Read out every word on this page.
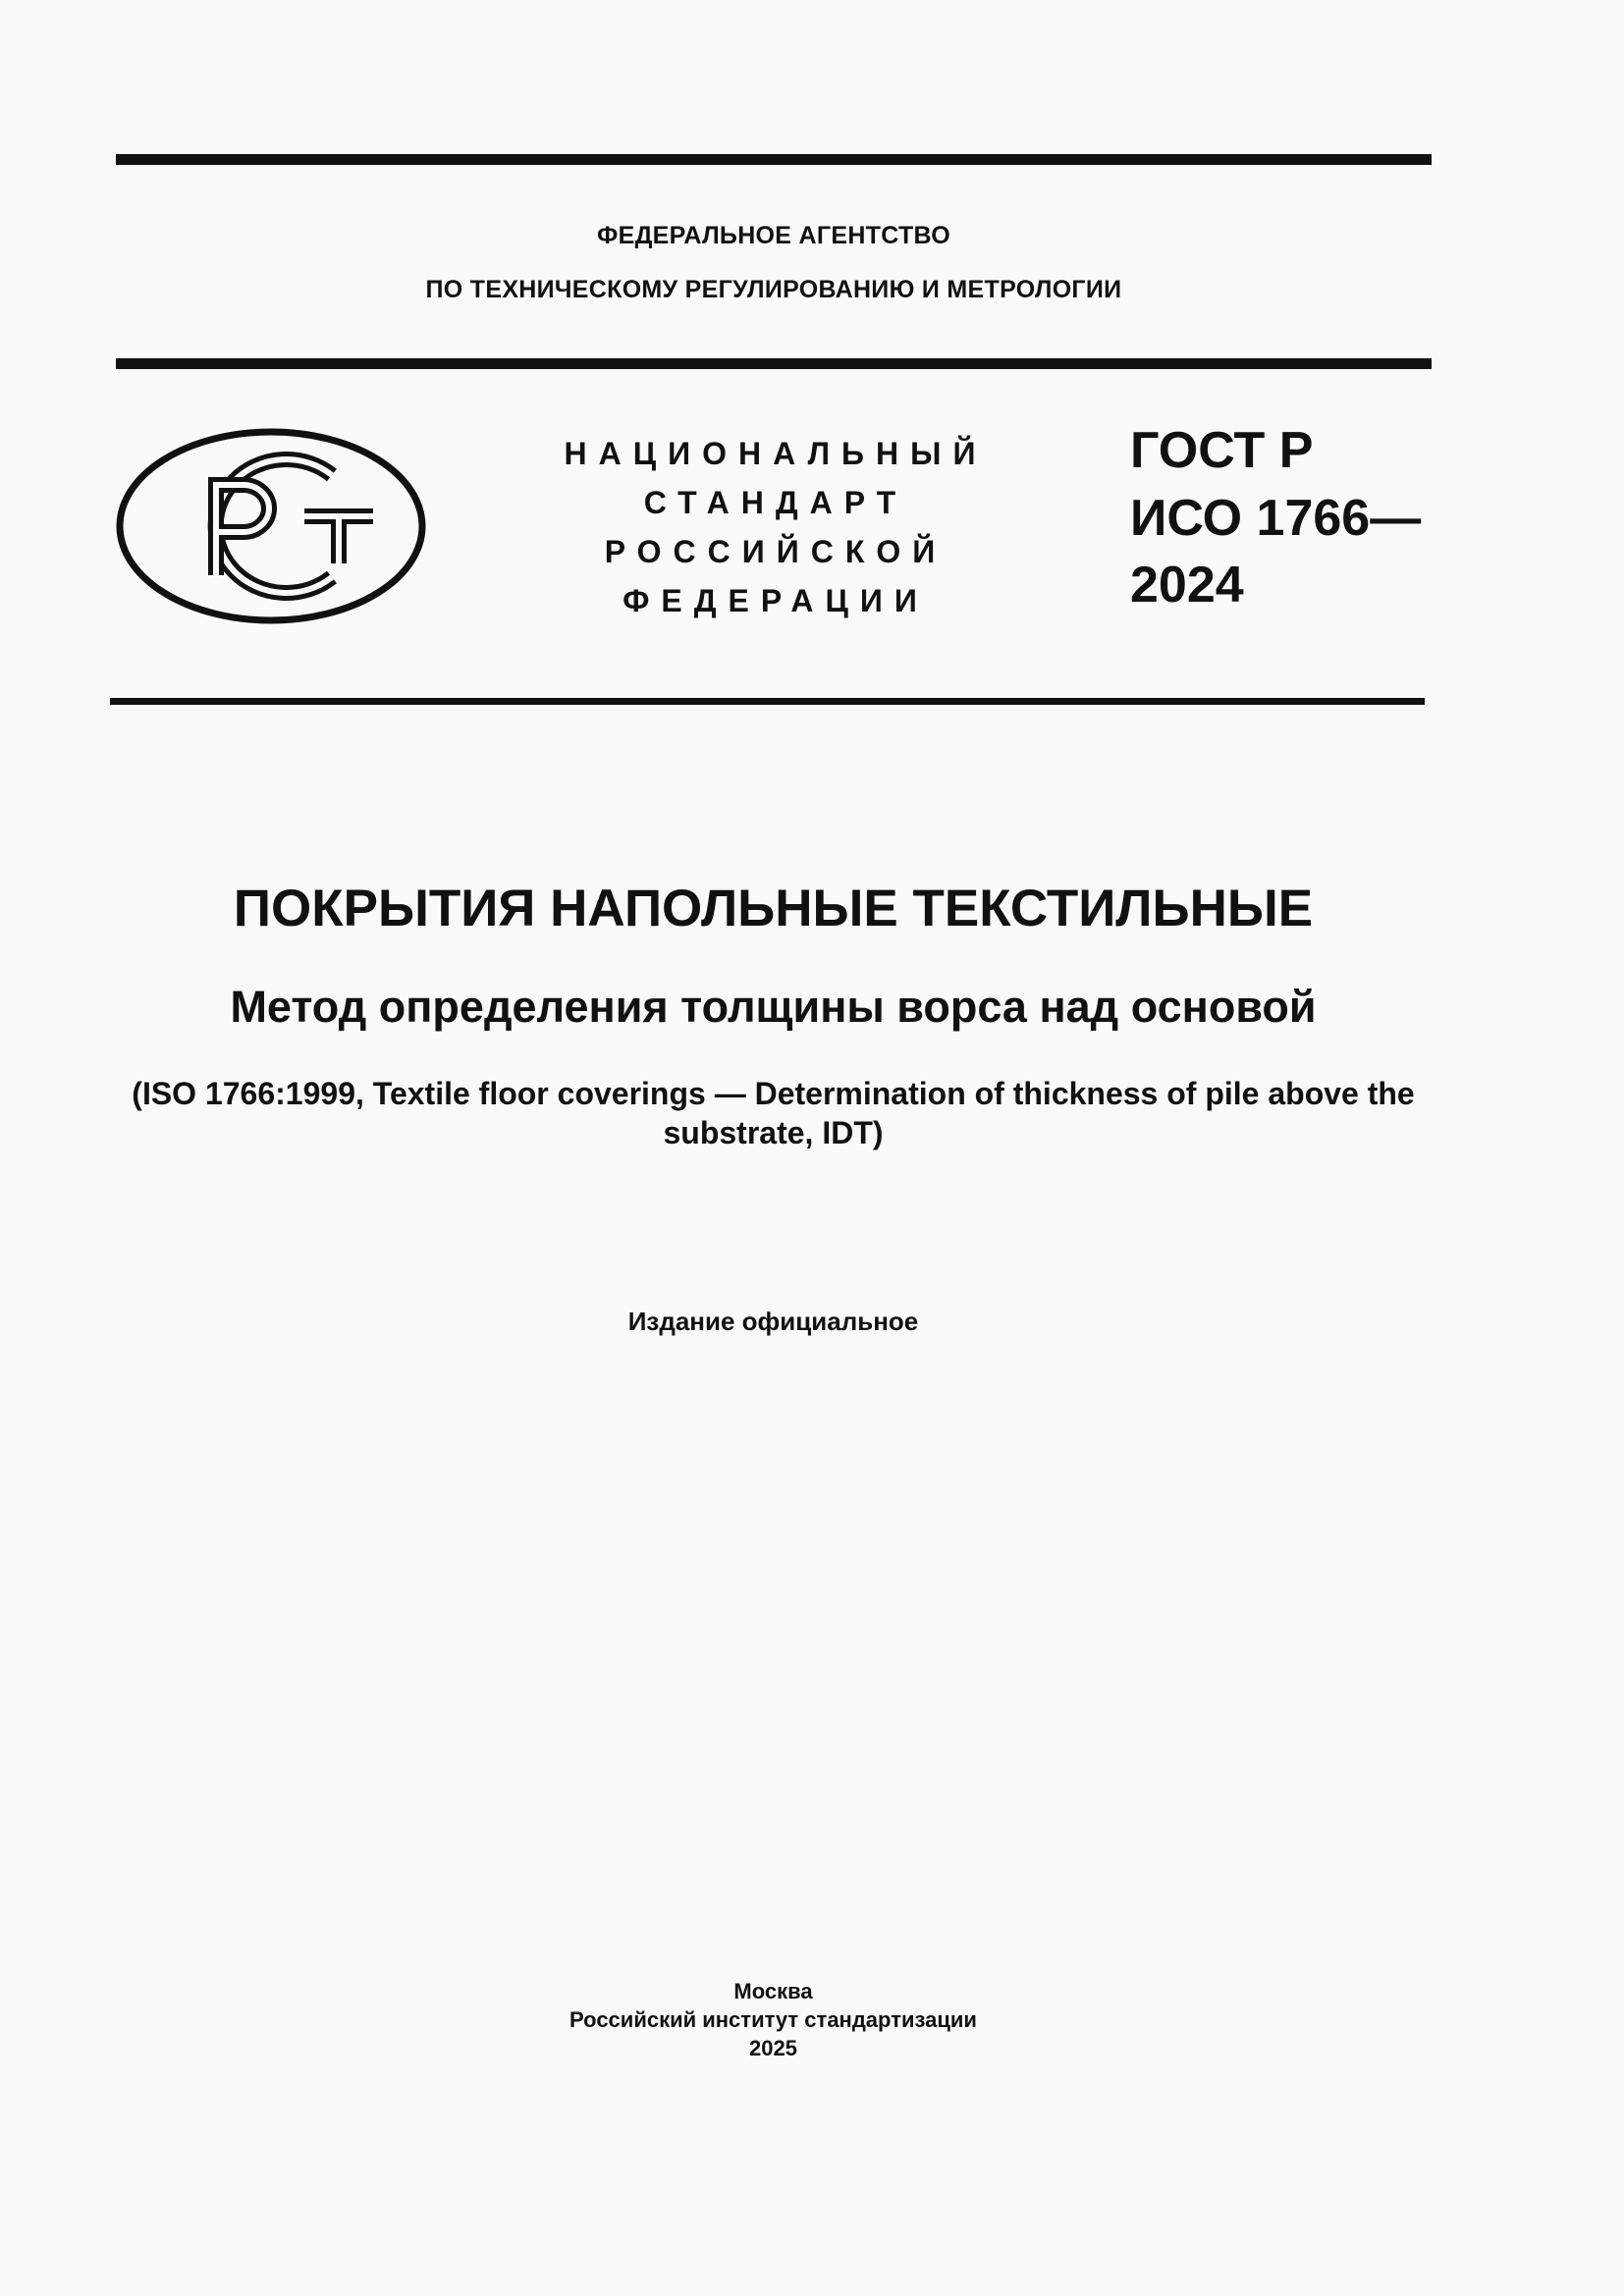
ФЕДЕРАЛЬНОЕ АГЕНТСТВО
ПО ТЕХНИЧЕСКОМУ РЕГУЛИРОВАНИЮ И МЕТРОЛОГИИ
НАЦИОНАЛЬНЫЙ
СТАНДАРТ
РОССИЙСКОЙ
ФЕДЕРАЦИИ
ГОСТ Р
ИСО 1766—
2024
ПОКРЫТИЯ НАПОЛЬНЫЕ ТЕКСТИЛЬНЫЕ
Метод определения толщины ворса над основой
(ISO 1766:1999, Textile floor coverings — Determination of thickness of pile above the substrate, IDT)
Издание официальное
Москва
Российский институт стандартизации
2025
